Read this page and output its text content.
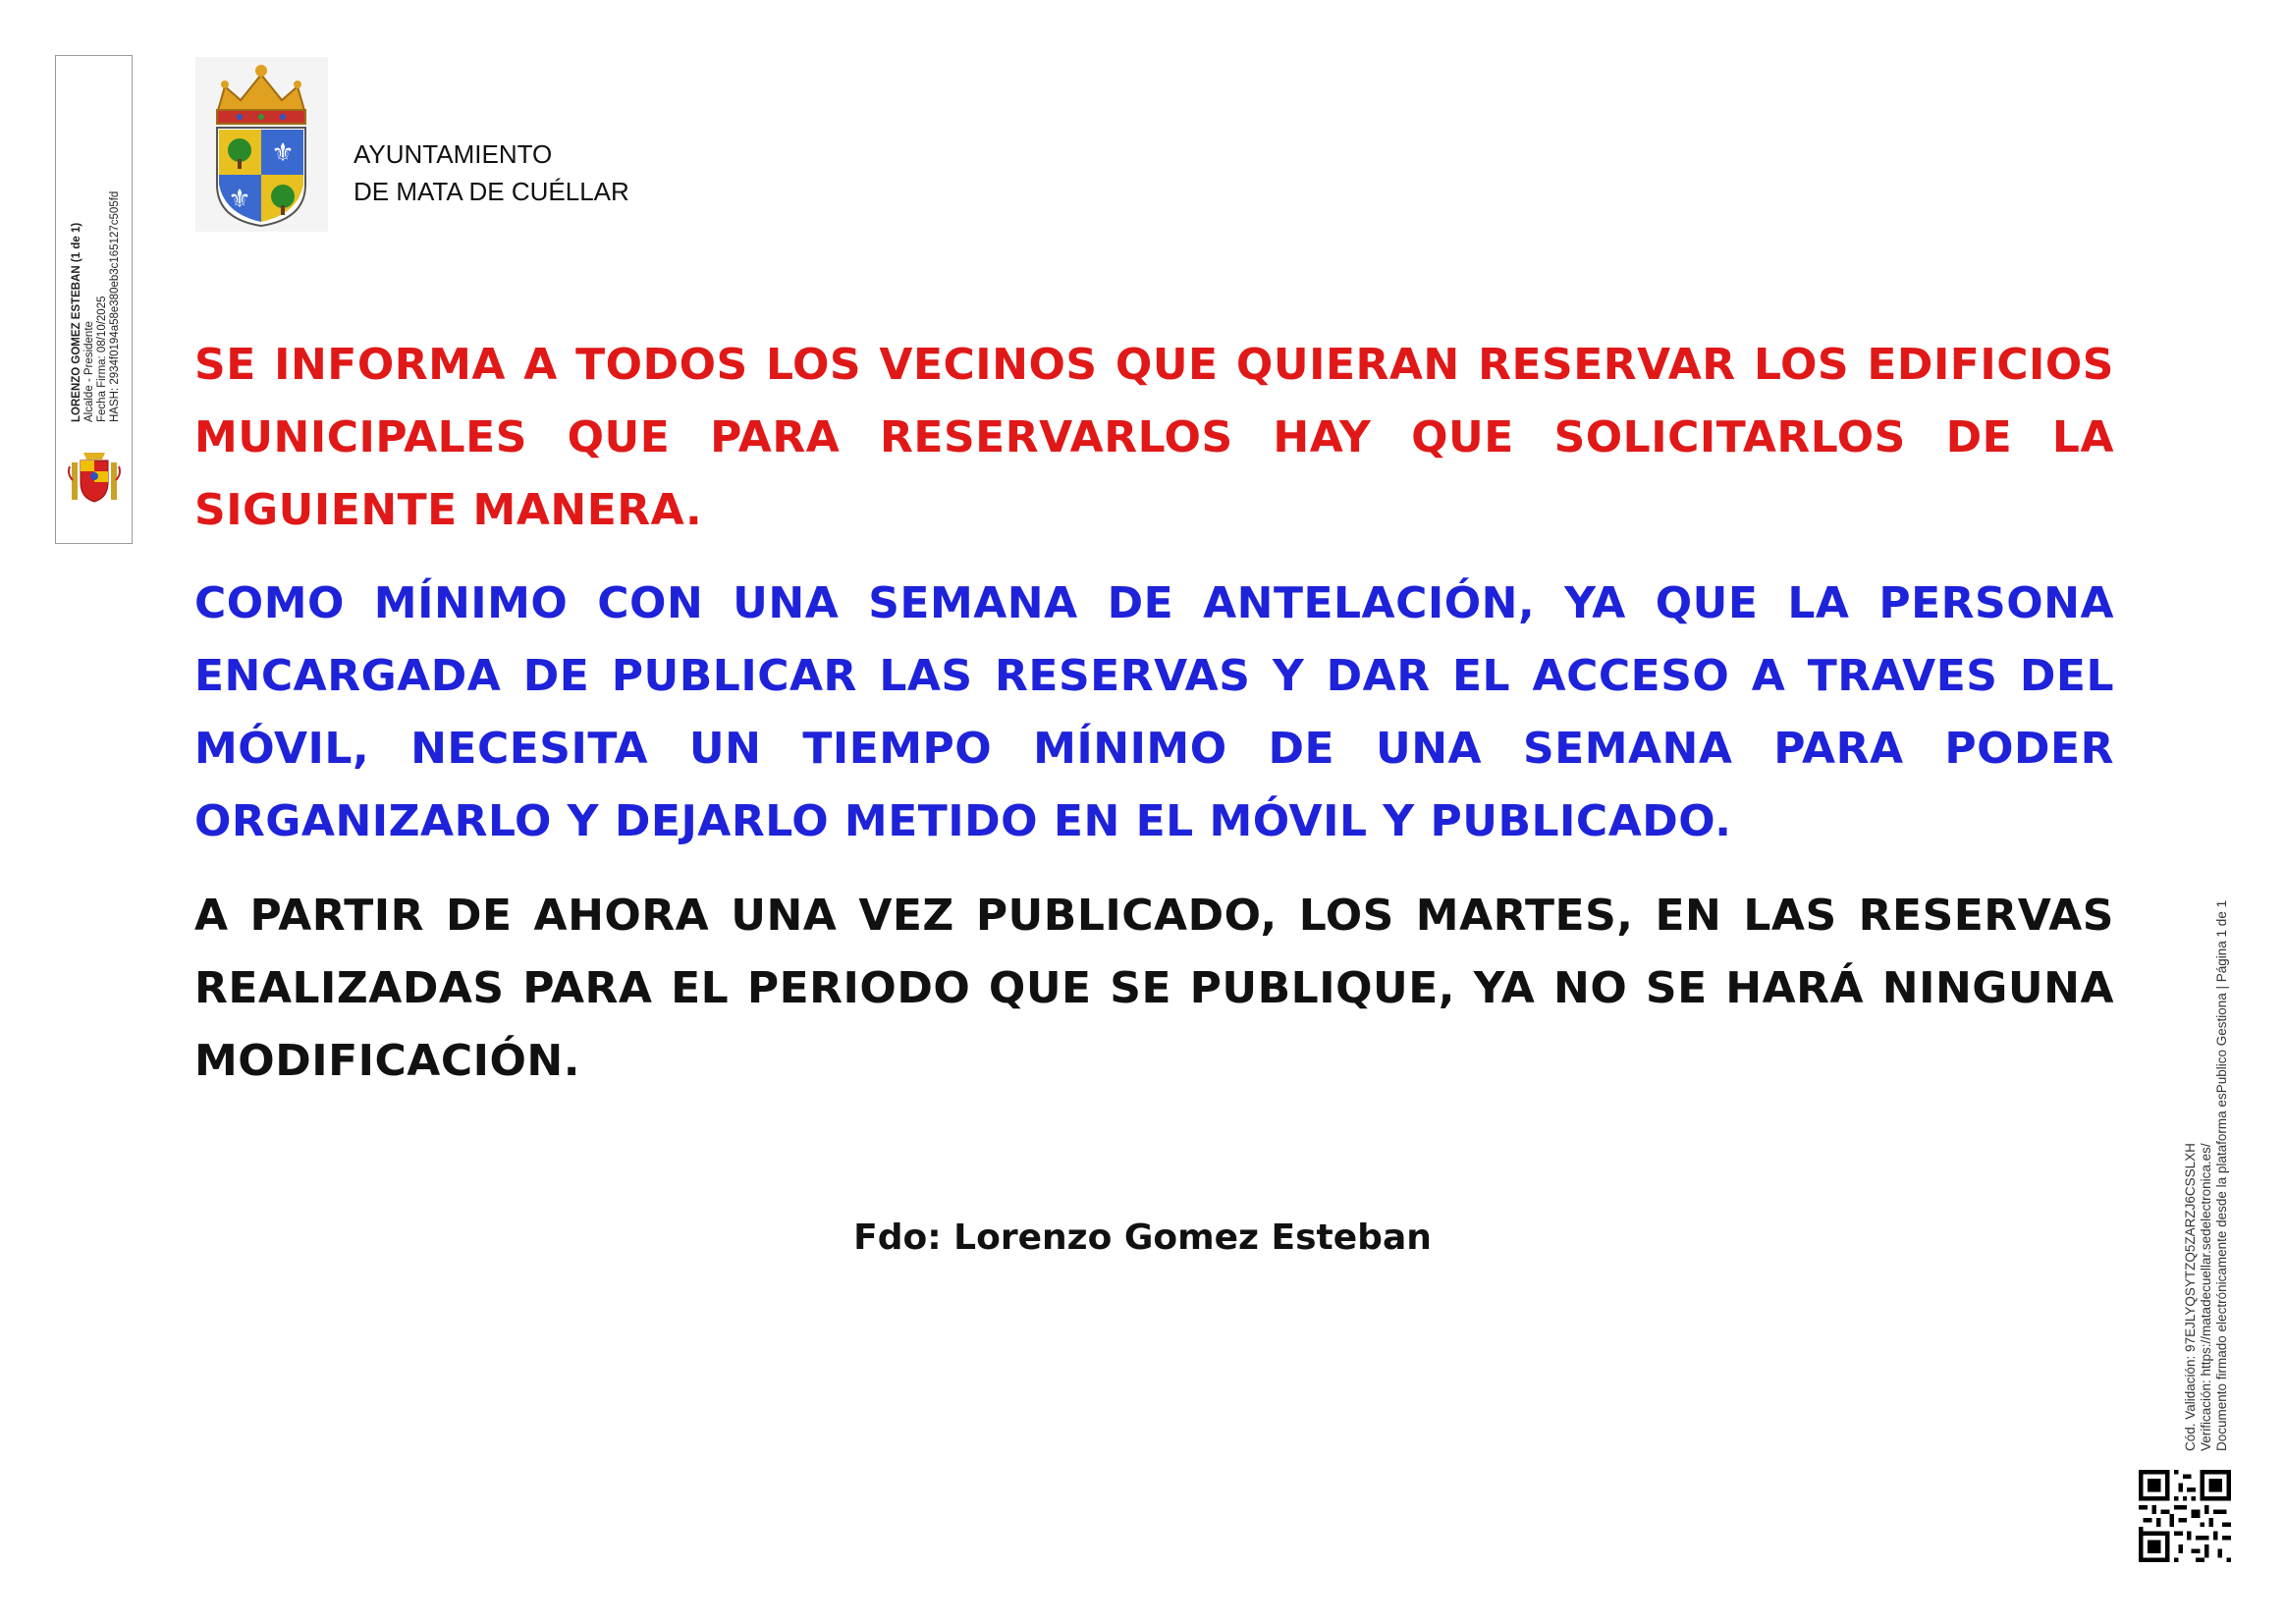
LORENZO GOMEZ ESTEBAN (1 de 1) Alcalde - Presidente Fecha Firma: 08/10/2025 HASH: 2934f0194a58e380eb3c165127c505fd
⚜
⚜
AYUNTAMIENTO
DE MATA DE CUÉLLAR
SE INFORMA A TODOS LOS VECINOS QUE QUIERAN RESERVAR LOS EDIFICIOS MUNICIPALES QUE PARA RESERVARLOS HAY QUE SOLICITARLOS DE LA SIGUIENTE MANERA.
COMO MÍNIMO CON UNA SEMANA DE ANTELACIÓN, YA QUE LA PERSONA ENCARGADA DE PUBLICAR LAS RESERVAS Y DAR EL ACCESO A TRAVES DEL MÓVIL, NECESITA UN TIEMPO MÍNIMO DE UNA SEMANA PARA PODER ORGANIZARLO Y DEJARLO METIDO EN EL MÓVIL Y PUBLICADO.
A PARTIR DE AHORA UNA VEZ PUBLICADO, LOS MARTES, EN LAS RESERVAS REALIZADAS PARA EL PERIODO QUE SE PUBLIQUE, YA NO SE HARÁ NINGUNA MODIFICACIÓN.
Fdo: Lorenzo Gomez Esteban	Cód. Validación: 97EJLYQSYTZQ5ZARZJ6CSSLXH Verificación: https://matadecuellar.sedelectronica.es/ Documento firmado electrónicamente desde la plataforma esPublico Gestiona | Página 1 de 1
